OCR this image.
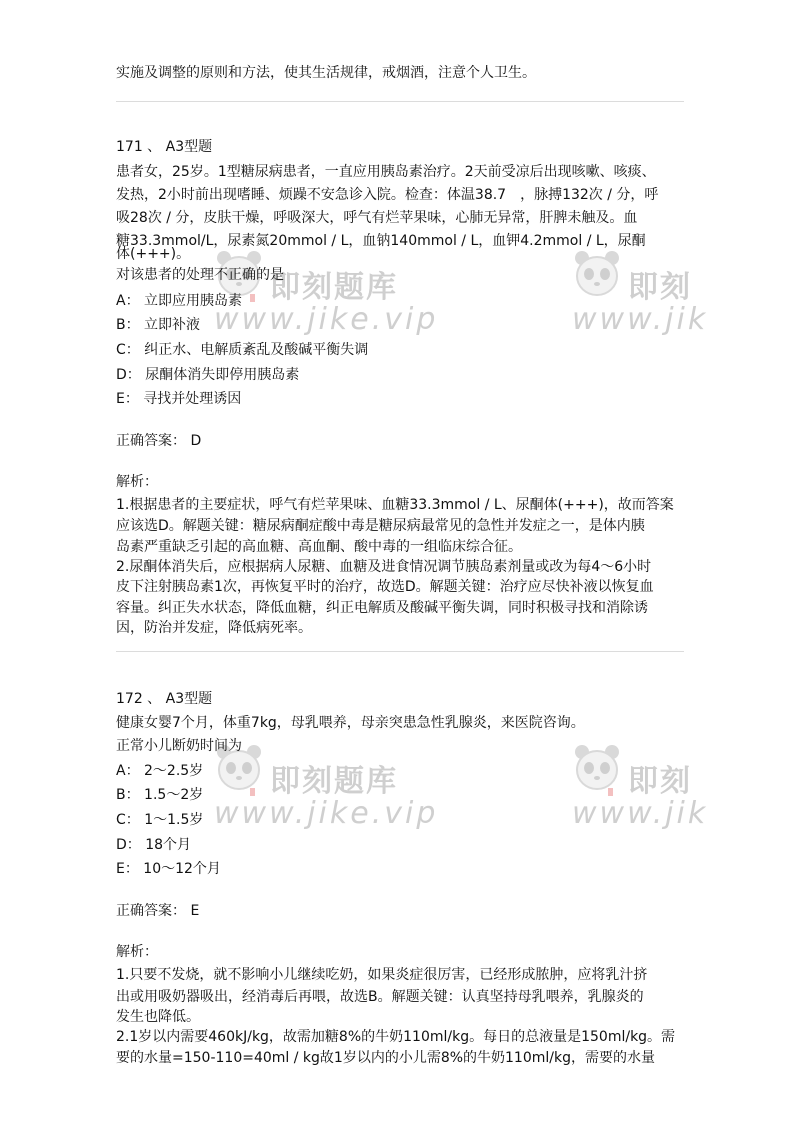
即刻题库
www.jike.vip
即刻
www.jik
即刻题库
www.jike.vip
即刻
www.jik
实施及调整的原则和方法，使其生活规律，戒烟酒，注意个人卫生。
171 、 A3型题
患者女，25岁。1型糖尿病患者，一直应用胰岛素治疗。2天前受凉后出现咳嗽、咳痰、
发热，2小时前出现嗜睡、烦躁不安急诊入院。检查：体温38.7　，脉搏132次 / 分，呼
吸28次 / 分，皮肤干燥，呼吸深大，呼气有烂苹果味，心肺无异常，肝脾未触及。血
糖33.3mmol/L，尿素氮20mmol / L，血钠140mmol / L，血钾4.2mmol / L，尿酮
体(+++)。
对该患者的处理不正确的是
A： 立即应用胰岛素
B： 立即补液
C： 纠正水、电解质紊乱及酸碱平衡失调
D： 尿酮体消失即停用胰岛素
E： 寻找并处理诱因
正确答案： D
解析：
1.根据患者的主要症状，呼气有烂苹果味、血糖33.3mmol / L、尿酮体(+++)，故而答案
应该选D。解题关键：糖尿病酮症酸中毒是糖尿病最常见的急性并发症之一，是体内胰
岛素严重缺乏引起的高血糖、高血酮、酸中毒的一组临床综合征。
2.尿酮体消失后，应根据病人尿糖、血糖及进食情况调节胰岛素剂量或改为每4～6小时
皮下注射胰岛素1次，再恢复平时的治疗，故选D。解题关键：治疗应尽快补液以恢复血
容量。纠正失水状态，降低血糖，纠正电解质及酸碱平衡失调，同时积极寻找和消除诱
因，防治并发症，降低病死率。
172 、 A3型题
健康女婴7个月，体重7kg，母乳喂养，母亲突患急性乳腺炎，来医院咨询。
正常小儿断奶时间为
A： 2～2.5岁
B： 1.5～2岁
C： 1～1.5岁
D： 18个月
E： 10～12个月
正确答案： E
解析：
1.只要不发烧，就不影响小儿继续吃奶，如果炎症很厉害，已经形成脓肿，应将乳汁挤
出或用吸奶器吸出，经消毒后再喂，故选B。解题关键：认真坚持母乳喂养，乳腺炎的
发生也降低。
2.1岁以内需要460kJ/kg，故需加糖8%的牛奶110ml/kg。每日的总液量是150ml/kg。需
要的水量=150-110=40ml / kg故1岁以内的小儿需8%的牛奶110ml/kg，需要的水量
